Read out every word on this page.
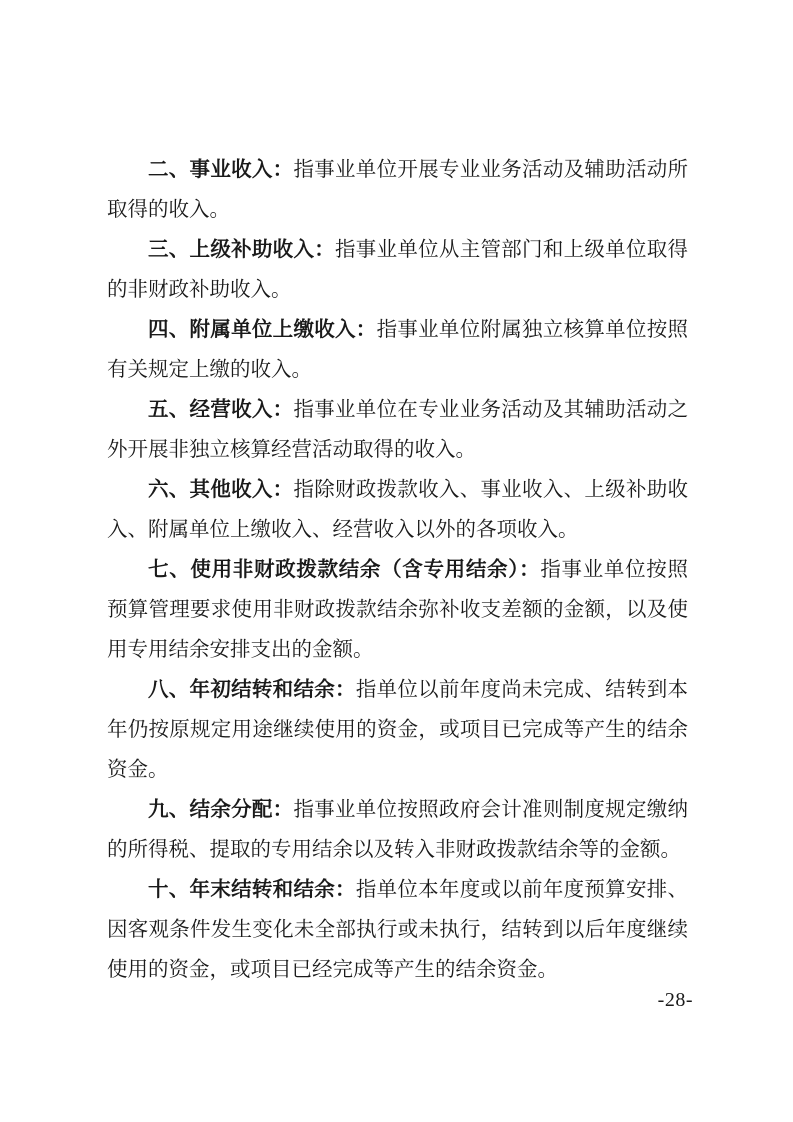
二、事业收入：指事业单位开展专业业务活动及辅助活动所取得的收入。

三、上级补助收入：指事业单位从主管部门和上级单位取得的非财政补助收入。

四、附属单位上缴收入：指事业单位附属独立核算单位按照有关规定上缴的收入。

五、经营收入：指事业单位在专业业务活动及其辅助活动之外开展非独立核算经营活动取得的收入。

六、其他收入：指除财政拨款收入、事业收入、上级补助收入、附属单位上缴收入、经营收入以外的各项收入。

七、使用非财政拨款结余（含专用结余）：指事业单位按照预算管理要求使用非财政拨款结余弥补收支差额的金额，以及使用专用结余安排支出的金额。

八、年初结转和结余：指单位以前年度尚未完成、结转到本年仍按原规定用途继续使用的资金，或项目已完成等产生的结余资金。

九、结余分配：指事业单位按照政府会计准则制度规定缴纳的所得税、提取的专用结余以及转入非财政拨款结余等的金额。

十、年末结转和结余：指单位本年度或以前年度预算安排、因客观条件发生变化未全部执行或未执行，结转到以后年度继续使用的资金，或项目已经完成等产生的结余资金。

-28-
